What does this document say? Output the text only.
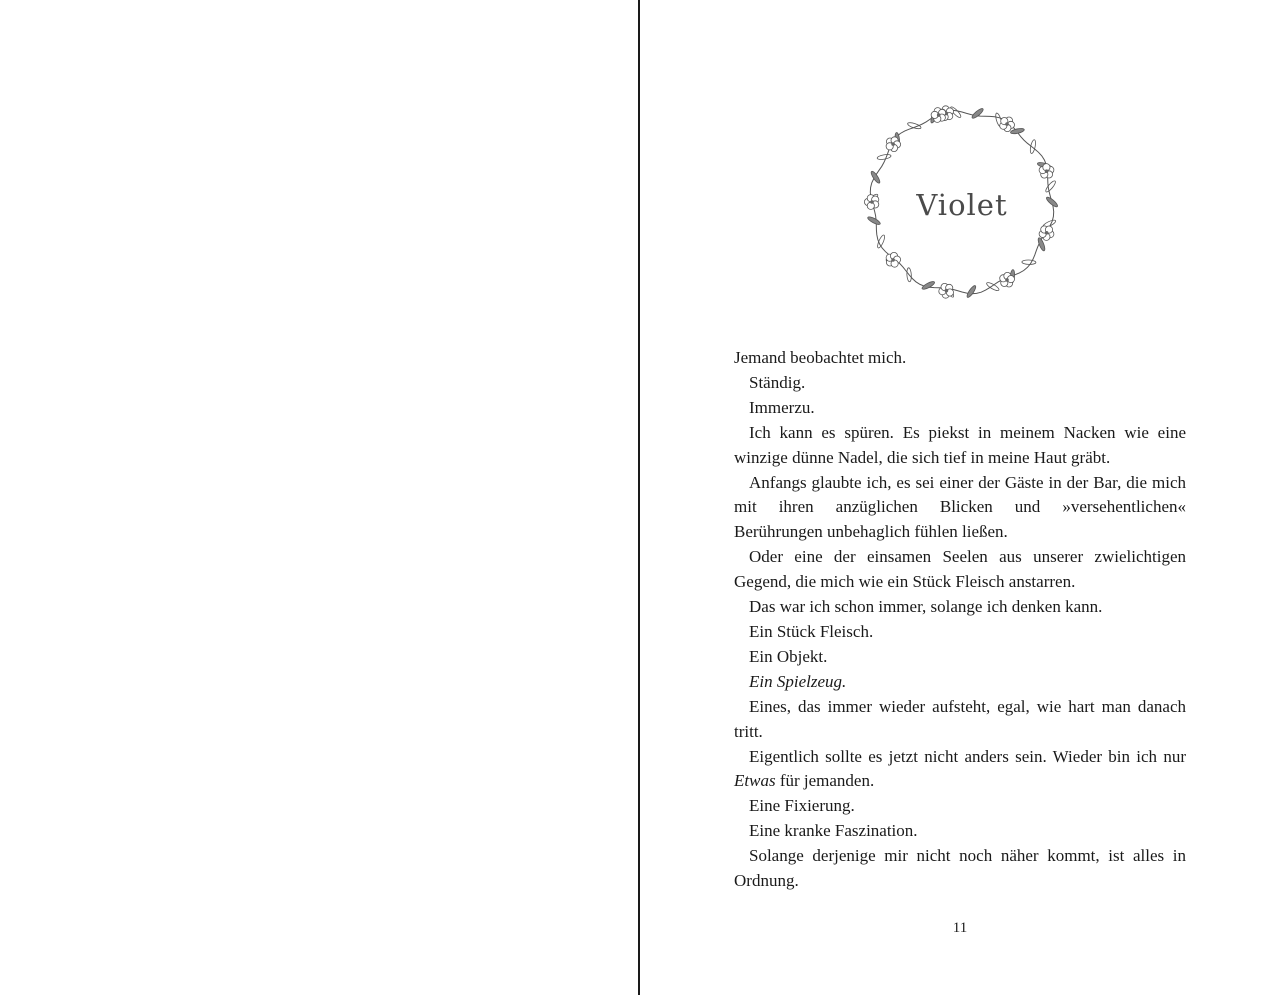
Violet

Jemand beobachtet mich.

Ständig.

Immerzu.

Ich kann es spüren. Es piekst in meinem Nacken wie eine winzige dünne Nadel, die sich tief in meine Haut gräbt.

Anfangs glaubte ich, es sei einer der Gäste in der Bar, die mich mit ihren anzüglichen Blicken und »versehentlichen« Berührungen unbehaglich fühlen ließen.

Oder eine der einsamen Seelen aus unserer zwielichtigen Gegend, die mich wie ein Stück Fleisch anstarren.

Das war ich schon immer, solange ich denken kann.

Ein Stück Fleisch.

Ein Objekt.

Ein Spielzeug.

Eines, das immer wieder aufsteht, egal, wie hart man danach tritt.

Eigentlich sollte es jetzt nicht anders sein. Wieder bin ich nur Etwas für jemanden.

Eine Fixierung.

Eine kranke Faszination.

Solange derjenige mir nicht noch näher kommt, ist alles in Ordnung.

11
